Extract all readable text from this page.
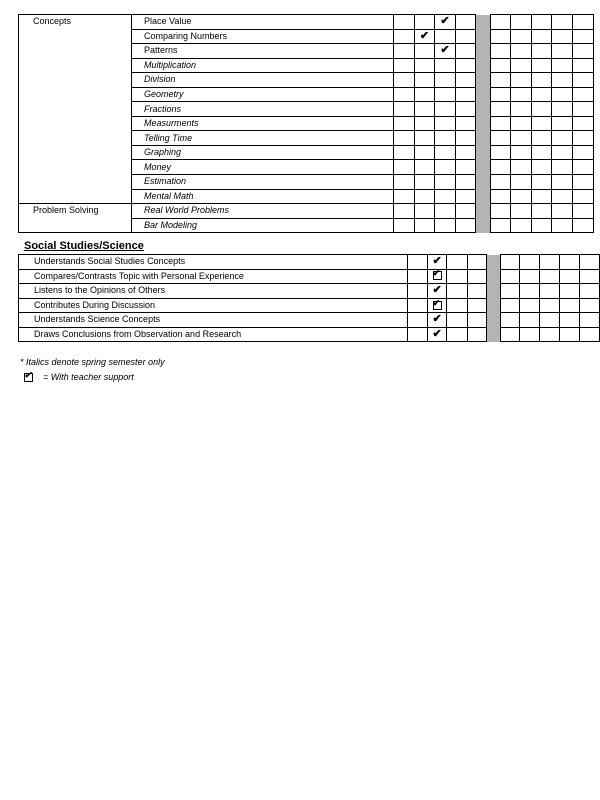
Concepts	Place Value			✔							
	Comparing Numbers		✔								
	Patterns			✔							
	Multiplication										
	Division										
	Geometry										
	Fractions										
	Measurments										
	Telling Time										
	Graphing										
	Money										
	Estimation										
	Mental Math										
Problem Solving	Real World Problems										
	Bar Modeling										
Social Studies/Science
Understands Social Studies Concepts		✔								
Compares/Contrasts Topic with Personal Experience		✔								
Listens to the Opinions of Others		✔								
Contributes During Discussion		✔								
Understands Science Concepts		✔								
Draws Conclusions from Observation and Research		✔								
* Italics denote spring semester only
✔= With teacher support
